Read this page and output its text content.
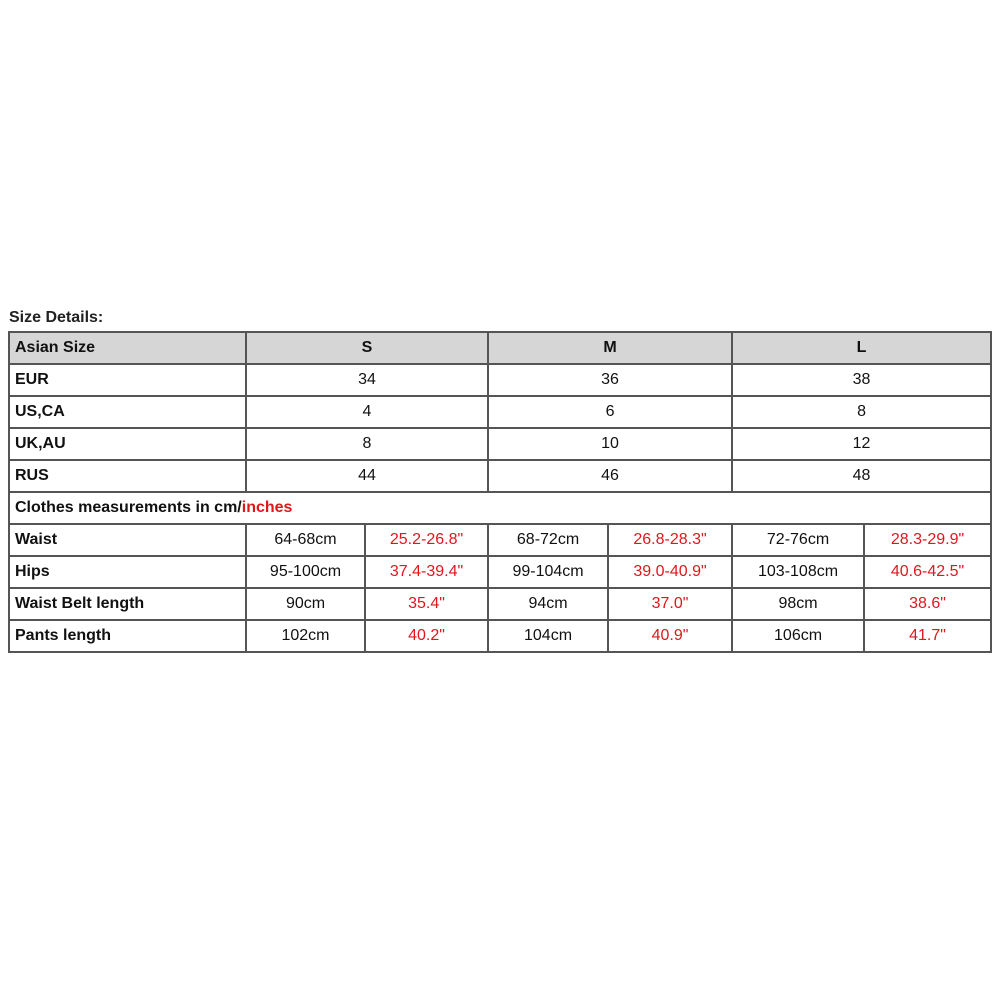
Size Details:
Asian Size	S		M		L	
EUR	34		36		38	
US,CA	4		6		8	
UK,AU	8		10		12	
RUS	44		46		48	
Clothes measurements in cm/inches						
Waist	64-68cm	25.2-26.8"	68-72cm	26.8-28.3"	72-76cm	28.3-29.9"
Hips	95-100cm	37.4-39.4"	99-104cm	39.0-40.9"	103-108cm	40.6-42.5"
Waist Belt length	90cm	35.4"	94cm	37.0"	98cm	38.6"
Pants length	102cm	40.2"	104cm	40.9"	106cm	41.7"
